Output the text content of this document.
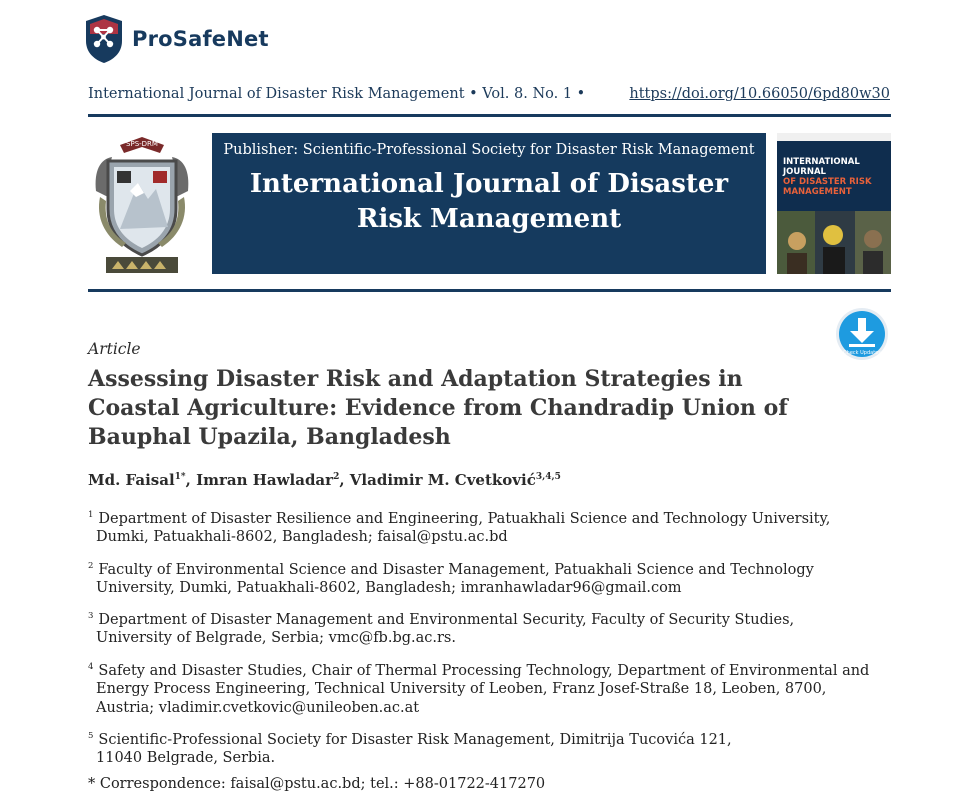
ProSafeNet
International Journal of Disaster Risk Management • Vol. 8. No. 1 •	https://doi.org/10.66050/6pd80w30
SPS-DRM	Publisher: Scientific-Professional Society for Disaster Risk Management
International Journal of Disaster
Risk Management
INTERNATIONAL JOURNAL
OF DISASTER RISK
MANAGEMENT
Check Updates
Article
Assessing Disaster Risk and Adaptation Strategies in Coastal Agriculture: Evidence from Chandradip Union of Bauphal Upazila, Bangladesh
Md. Faisal$^{1*}$, Imran Hawladar$^2$, Vladimir M. Cvetković$^{3,4,5}$
$^1$ Department of Disaster Resilience and Engineering, Patuakhali Science and Technology University,
Dumki, Patuakhali-8602, Bangladesh; faisal@pstu.ac.bd
$^2$ Faculty of Environmental Science and Disaster Management, Patuakhali Science and Technology
University, Dumki, Patuakhali-8602, Bangladesh; imranhawladar96@gmail.com
$^3$ Department of Disaster Management and Environmental Security, Faculty of Security Studies,
University of Belgrade, Serbia; vmc@fb.bg.ac.rs.
$^4$ Safety and Disaster Studies, Chair of Thermal Processing Technology, Department of Environmental and
Energy Process Engineering, Technical University of Leoben, Franz Josef-Straße 18, Leoben, 8700,
Austria; vladimir.cvetkovic@unileoben.ac.at
$^5$ Scientific-Professional Society for Disaster Risk Management, Dimitrija Tucovića 121,
11040 Belgrade, Serbia.
* Correspondence: faisal@pstu.ac.bd; tel.: +88-01722-417270
